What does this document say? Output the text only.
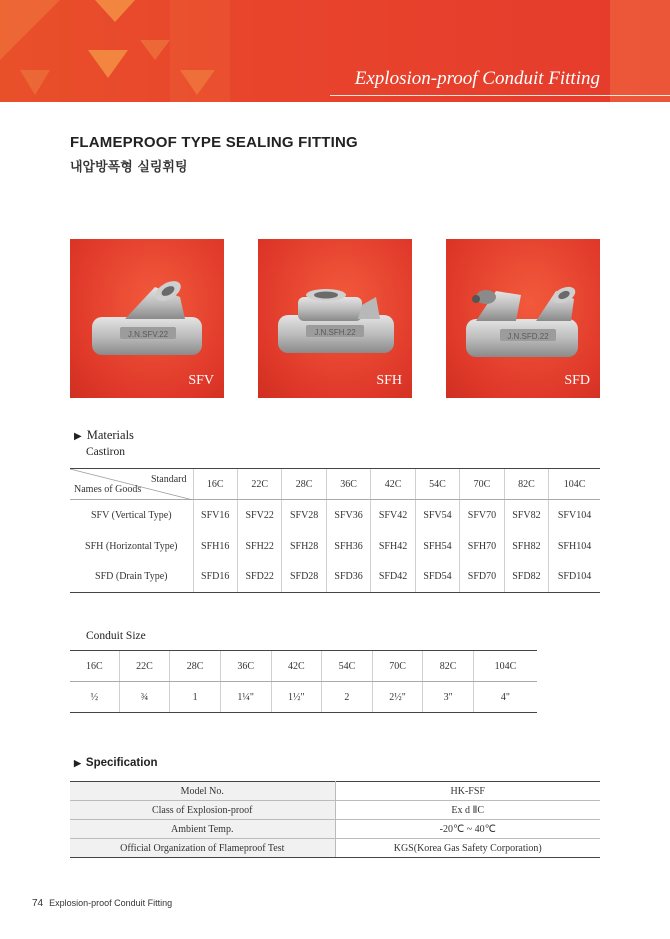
Explosion-proof Conduit Fitting
FLAMEPROOF TYPE SEALING FITTING
내압방폭형 실링휘팅
J.N.SFV.22
SFV
J.N.SFH.22
SFH
J.N.SFD.22
SFD
▶ Materials
Castiron
Standard
Names of Goods	16C	22C	28C	36C	42C	54C	70C	82C	104C
SFV (Vertical Type)	SFV16	SFV22	SFV28	SFV36	SFV42	SFV54	SFV70	SFV82	SFV104
SFH (Horizontal Type)	SFH16	SFH22	SFH28	SFH36	SFH42	SFH54	SFH70	SFH82	SFH104
SFD (Drain Type)	SFD16	SFD22	SFD28	SFD36	SFD42	SFD54	SFD70	SFD82	SFD104
Conduit Size
16C	22C	28C	36C	42C	54C	70C	82C	104C
½	¾	1	1¼"	1½"	2	2½"	3"	4"
▶ Specification
Model No.	HK-FSF
Class of Explosion-proof	Ex d ⅡC
Ambient Temp.	-20℃ ~ 40℃
Official Organization of Flameproof Test	KGS(Korea Gas Safety Corporation)
74 Explosion-proof Conduit Fitting
